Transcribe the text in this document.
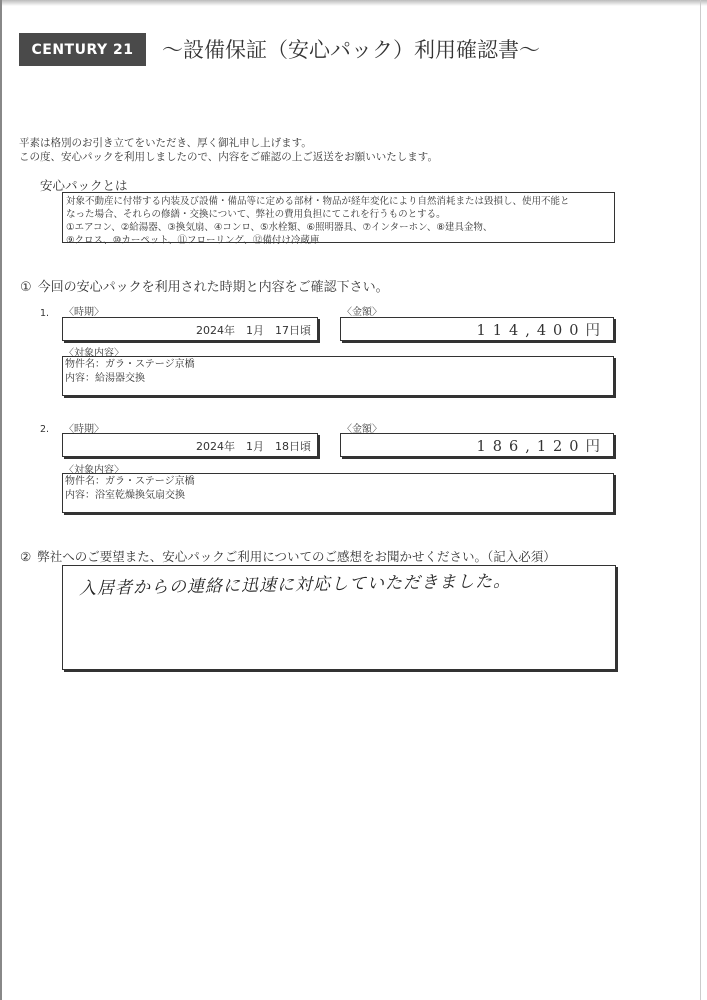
CENTURY 21 ～設備保証（安心パック）利用確認書～
平素は格別のお引き立てをいただき、厚く御礼申し上げます。
この度、安心パックを利用しましたので、内容をご確認の上ご返送をお願いいたします。
安心パックとは
対象不動産に付帯する内装及び設備・備品等に定める部材・物品が経年変化により自然消耗または毀損し、使用不能と
なった場合、それらの修繕・交換について、弊社の費用負担にてこれを行うものとする。
①エアコン、②給湯器、③換気扇、④コンロ、⑤水栓類、⑥照明器具、⑦インターホン、⑧建具金物、
⑨クロス、⑩カーペット、⑪フローリング、⑫備付け冷蔵庫
① 今回の安心パックを利用された時期と内容をご確認下さい。
1. 〈時期〉
2024年　1月　17日頃
〈金額〉
114,400円
〈対象内容〉
物件名：ガラ・ステージ京橋
内容：給湯器交換
2. 〈時期〉
2024年　1月　18日頃
〈金額〉
186,120円
〈対象内容〉
物件名：ガラ・ステージ京橋
内容：浴室乾燥換気扇交換
② 弊社へのご要望また、安心パックご利用についてのご感想をお聞かせください。（記入必須）
入居者からの連絡に迅速に対応していただきました。
